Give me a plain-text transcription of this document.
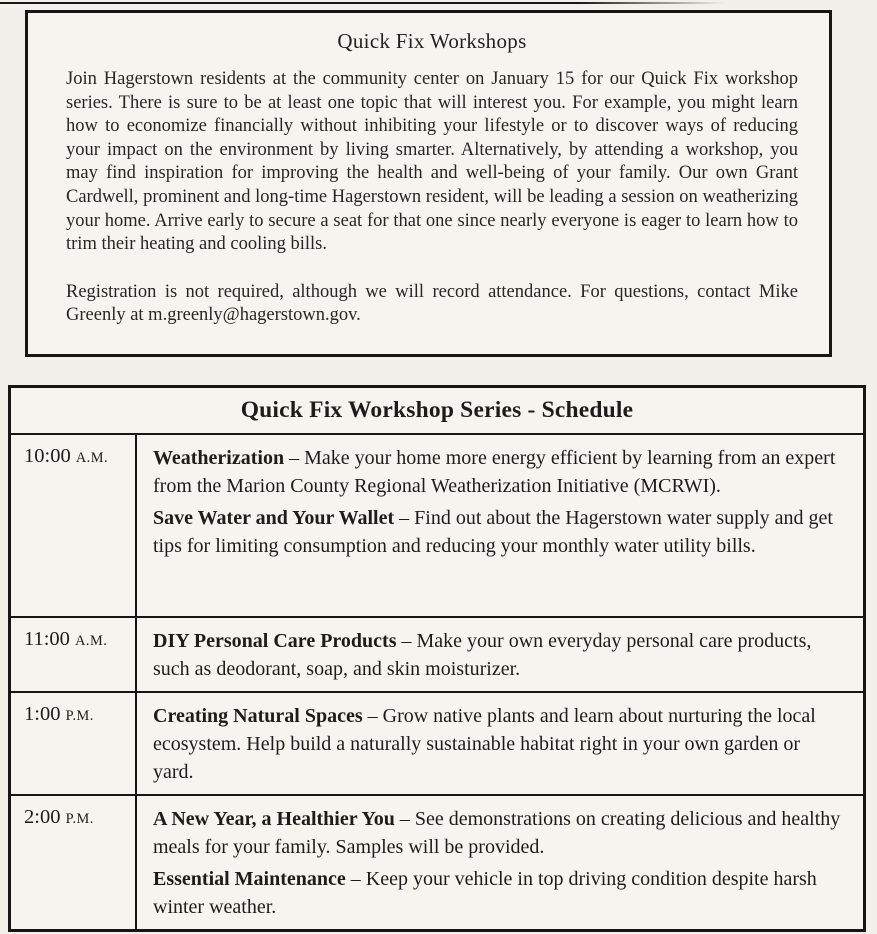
Quick Fix Workshops

Join Hagerstown residents at the community center on January 15 for our Quick Fix workshop series. There is sure to be at least one topic that will interest you. For example, you might learn how to economize financially without inhibiting your lifestyle or to discover ways of reducing your impact on the environment by living smarter. Alternatively, by attending a workshop, you may find inspiration for improving the health and well-being of your family. Our own Grant Cardwell, prominent and long-time Hagerstown resident, will be leading a session on weatherizing your home. Arrive early to secure a seat for that one since nearly everyone is eager to learn how to trim their heating and cooling bills.

Registration is not required, although we will record attendance. For questions, contact Mike Greenly at m.greenly@hagerstown.gov.

Quick Fix Workshop Series - Schedule
10:00 A.M.	Weatherization – Make your home more energy efficient by learning from an expert from the Marion County Regional Weatherization Initiative (MCRWI).
Save Water and Your Wallet – Find out about the Hagerstown water supply and get tips for limiting consumption and reducing your monthly water utility bills.
11:00 A.M.	DIY Personal Care Products – Make your own everyday personal care products, such as deodorant, soap, and skin moisturizer.
1:00 P.M.	Creating Natural Spaces – Grow native plants and learn about nurturing the local ecosystem. Help build a naturally sustainable habitat right in your own garden or yard.
2:00 P.M.	A New Year, a Healthier You – See demonstrations on creating delicious and healthy meals for your family. Samples will be provided.
Essential Maintenance – Keep your vehicle in top driving condition despite harsh winter weather.
